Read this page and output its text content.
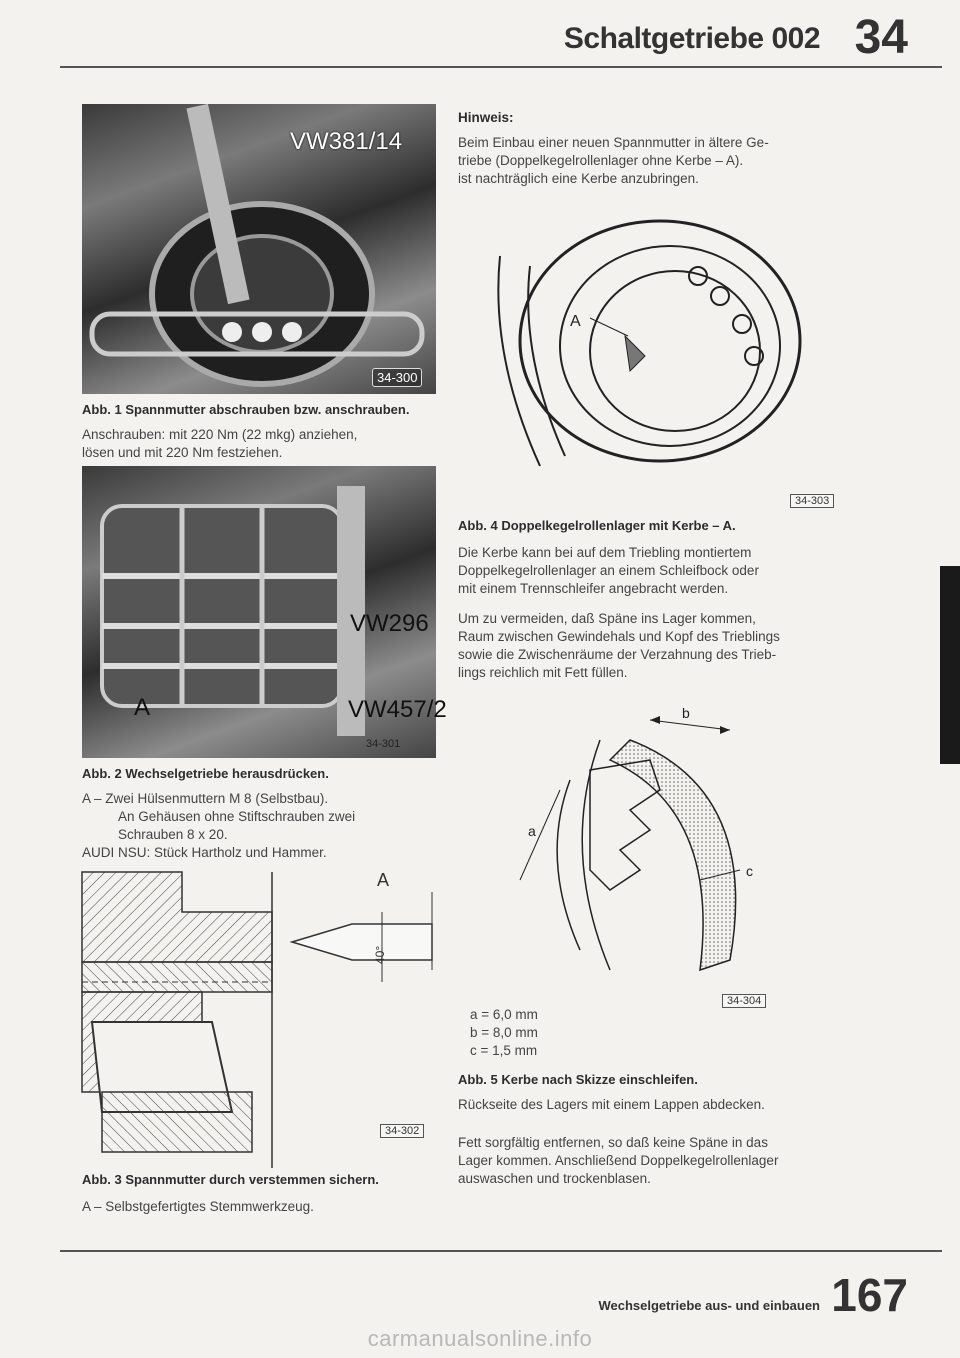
Schaltgetriebe 002 34
VW381/14
34-300
Abb. 1 Spannmutter abschrauben bzw. anschrauben.
Anschrauben: mit 220 Nm (22 mkg) anziehen,
lösen und mit 220 Nm festziehen.
VW296
VW457/2
A
34-301
Abb. 2 Wechselgetriebe herausdrücken.
A – Zwei Hülsenmuttern M 8 (Selbstbau).
An Gehäusen ohne Stiftschrauben zwei
Schrauben 8 x 20.
AUDI NSU: Stück Hartholz und Hammer.
A
40°
34-302
Abb. 3 Spannmutter durch verstemmen sichern.
A – Selbstgefertigtes Stemmwerkzeug.
Hinweis:
Beim Einbau einer neuen Spannmutter in ältere Ge-
triebe (Doppelkegelrollenlager ohne Kerbe – A).
ist nachträglich eine Kerbe anzubringen.
A
34-303
Abb. 4 Doppelkegelrollenlager mit Kerbe – A.
Die Kerbe kann bei auf dem Triebling montiertem
Doppelkegelrollenlager an einem Schleifbock oder
mit einem Trennschleifer angebracht werden.
Um zu vermeiden, daß Späne ins Lager kommen,
Raum zwischen Gewindehals und Kopf des Trieblings
sowie die Zwischenräume der Verzahnung des Trieb-
lings reichlich mit Fett füllen.
b
a
c
34-304
a = 6,0 mm
b = 8,0 mm
c = 1,5 mm
Abb. 5 Kerbe nach Skizze einschleifen.
Rückseite des Lagers mit einem Lappen abdecken.
Fett sorgfältig entfernen, so daß keine Späne in das
Lager kommen. Anschließend Doppelkegelrollenlager
auswaschen und trockenblasen.
Wechselgetriebe aus- und einbauen 167
carmanualsonline.info
